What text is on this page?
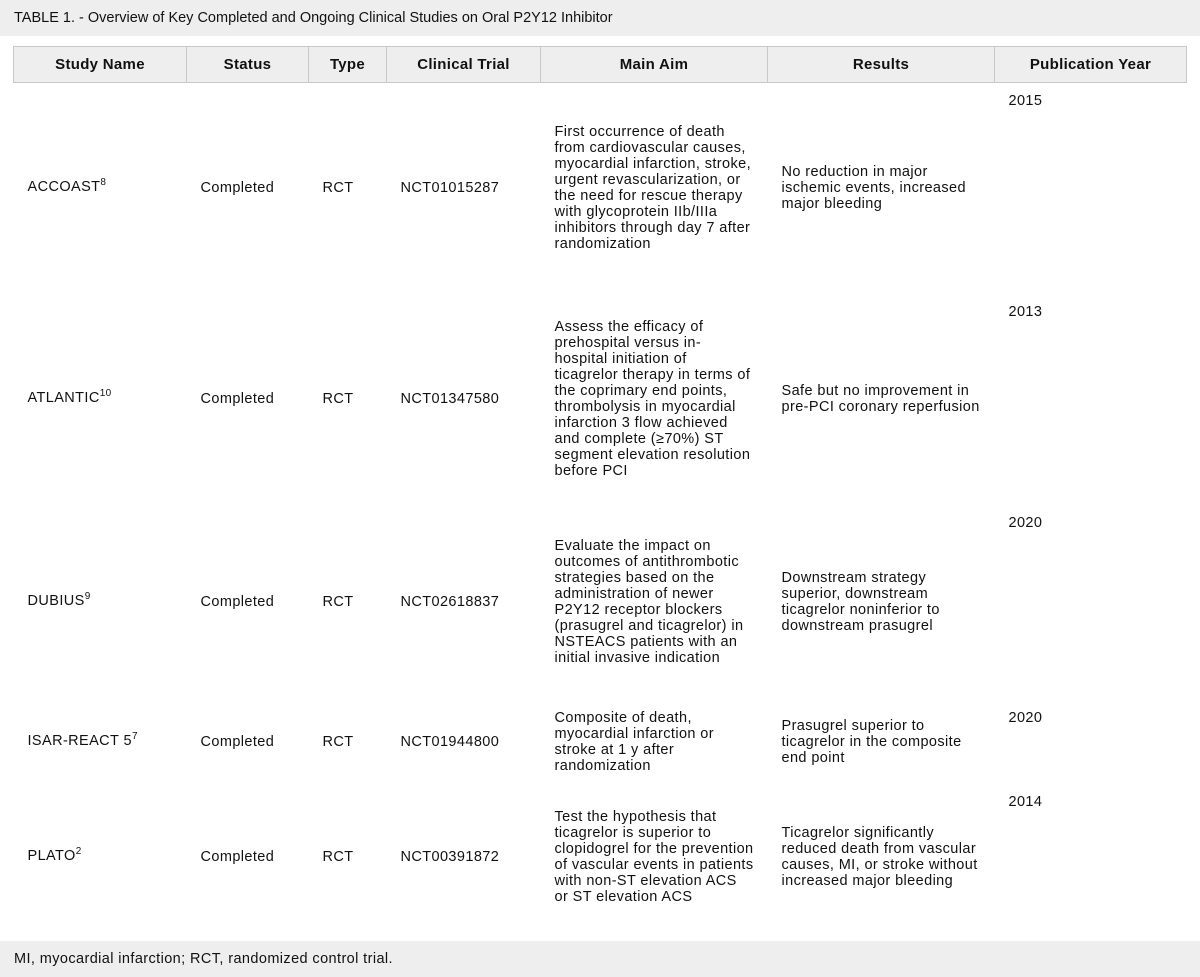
TABLE 1. - Overview of Key Completed and Ongoing Clinical Studies on Oral P2Y12 Inhibitor
Study Name	Status	Type	Clinical Trial	Main Aim	Results	Publication Year
ACCOAST$^8$	Completed	RCT	NCT01015287	First occurrence of death from cardiovascular causes, myocardial infarction, stroke, urgent revascularization, or the need for rescue therapy with glycoprotein IIb/IIIa inhibitors through day 7 after randomization	No reduction in major ischemic events, increased major bleeding	2015
ATLANTIC$^{10}$	Completed	RCT	NCT01347580	Assess the efficacy of prehospital versus in-hospital initiation of ticagrelor therapy in terms of the coprimary end points, thrombolysis in myocardial infarction 3 flow achieved and complete (≥70%) ST segment elevation resolution before PCI	Safe but no improvement in pre-PCI coronary reperfusion	2013
DUBIUS$^9$	Completed	RCT	NCT02618837	Evaluate the impact on outcomes of antithrombotic strategies based on the administration of newer P2Y12 receptor blockers (prasugrel and ticagrelor) in NSTEACS patients with an initial invasive indication	Downstream strategy superior, downstream ticagrelor noninferior to downstream prasugrel	2020
ISAR-REACT $5^7$	Completed	RCT	NCT01944800	Composite of death, myocardial infarction or stroke at 1 y after randomization	Prasugrel superior to ticagrelor in the composite end point	2020
PLATO$^2$	Completed	RCT	NCT00391872	Test the hypothesis that ticagrelor is superior to clopidogrel for the prevention of vascular events in patients with non-ST elevation ACS or ST elevation ACS	Ticagrelor significantly reduced death from vascular causes, MI, or stroke without increased major bleeding	2014
MI, myocardial infarction; RCT, randomized control trial.
